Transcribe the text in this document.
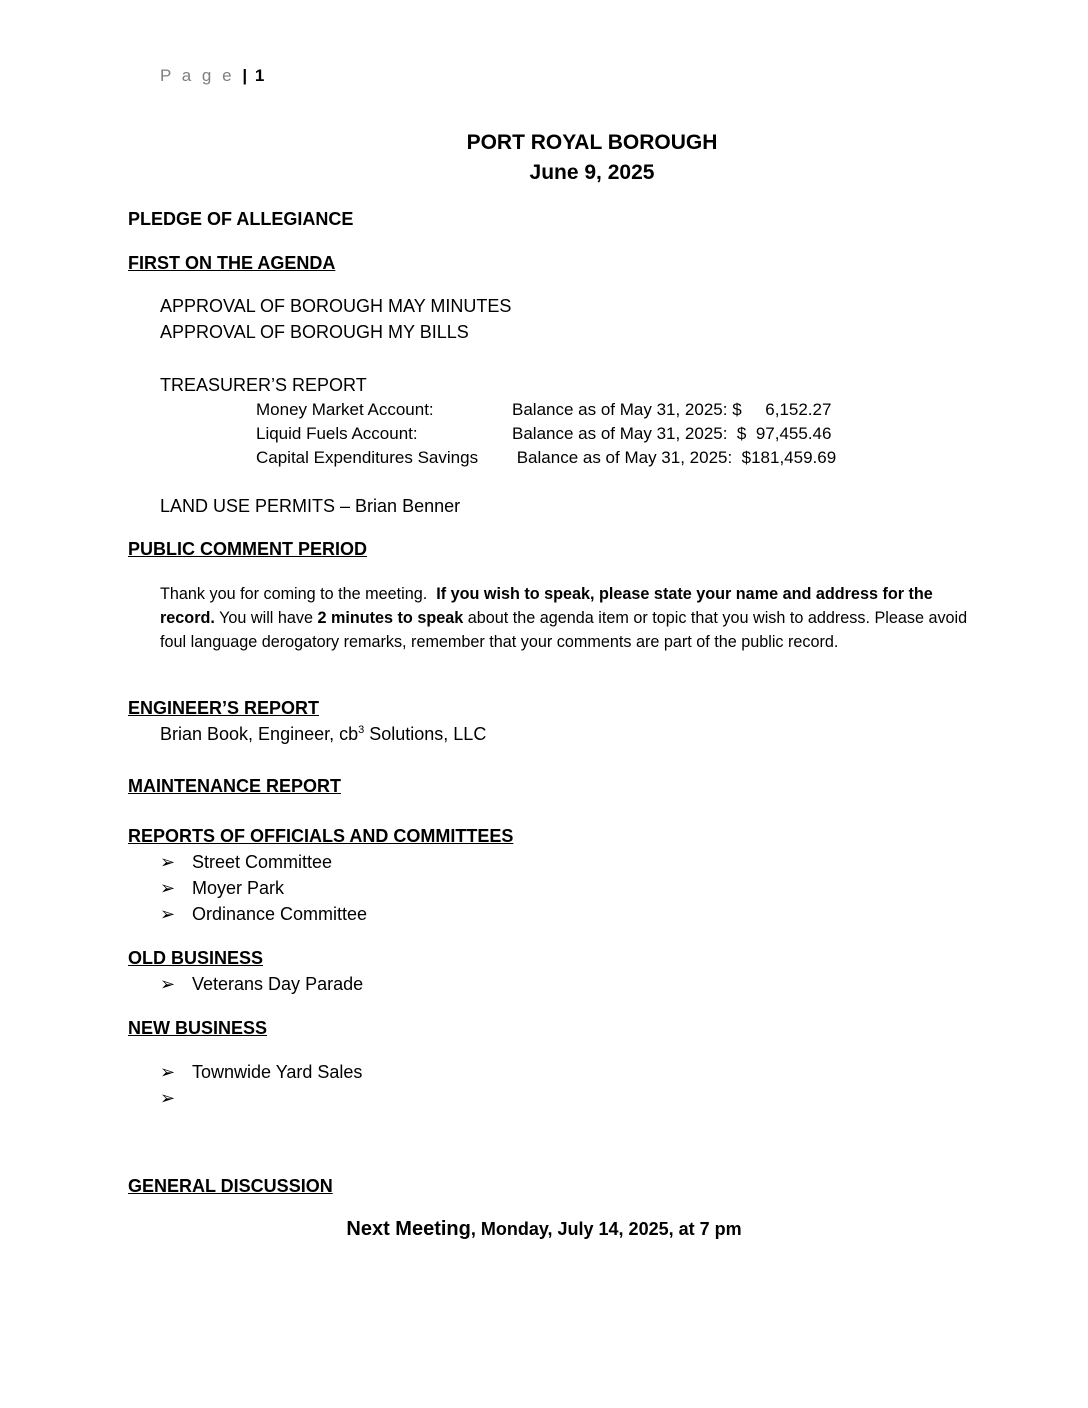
P a g e | 1
PORT ROYAL BOROUGH
June 9, 2025
PLEDGE OF ALLEGIANCE
FIRST ON THE AGENDA
APPROVAL OF BOROUGH MAY MINUTES
APPROVAL OF BOROUGH MY BILLS
TREASURER’S REPORT
Money Market Account:	Balance as of May 31, 2025: $     6,152.27
Liquid Fuels Account:	Balance as of May 31, 2025:  $  97,455.46
Capital Expenditures Savings Balance as of May 31, 2025:  $181,459.69
LAND USE PERMITS – Brian Benner
PUBLIC COMMENT PERIOD
Thank you for coming to the meeting.  If you wish to speak, please state your name and address for the record. You will have 2 minutes to speak about the agenda item or topic that you wish to address. Please avoid foul language derogatory remarks, remember that your comments are part of the public record.
ENGINEER’S REPORT
Brian Book, Engineer, $cb^3$ Solutions, LLC
MAINTENANCE REPORT
REPORTS OF OFFICIALS AND COMMITTEES
➢ Street Committee
➢ Moyer Park
➢ Ordinance Committee
OLD BUSINESS
➢ Veterans Day Parade
NEW BUSINESS
➢ Townwide Yard Sales
➢
GENERAL DISCUSSION
Next Meeting, Monday, July 14, 2025, at 7 pm
